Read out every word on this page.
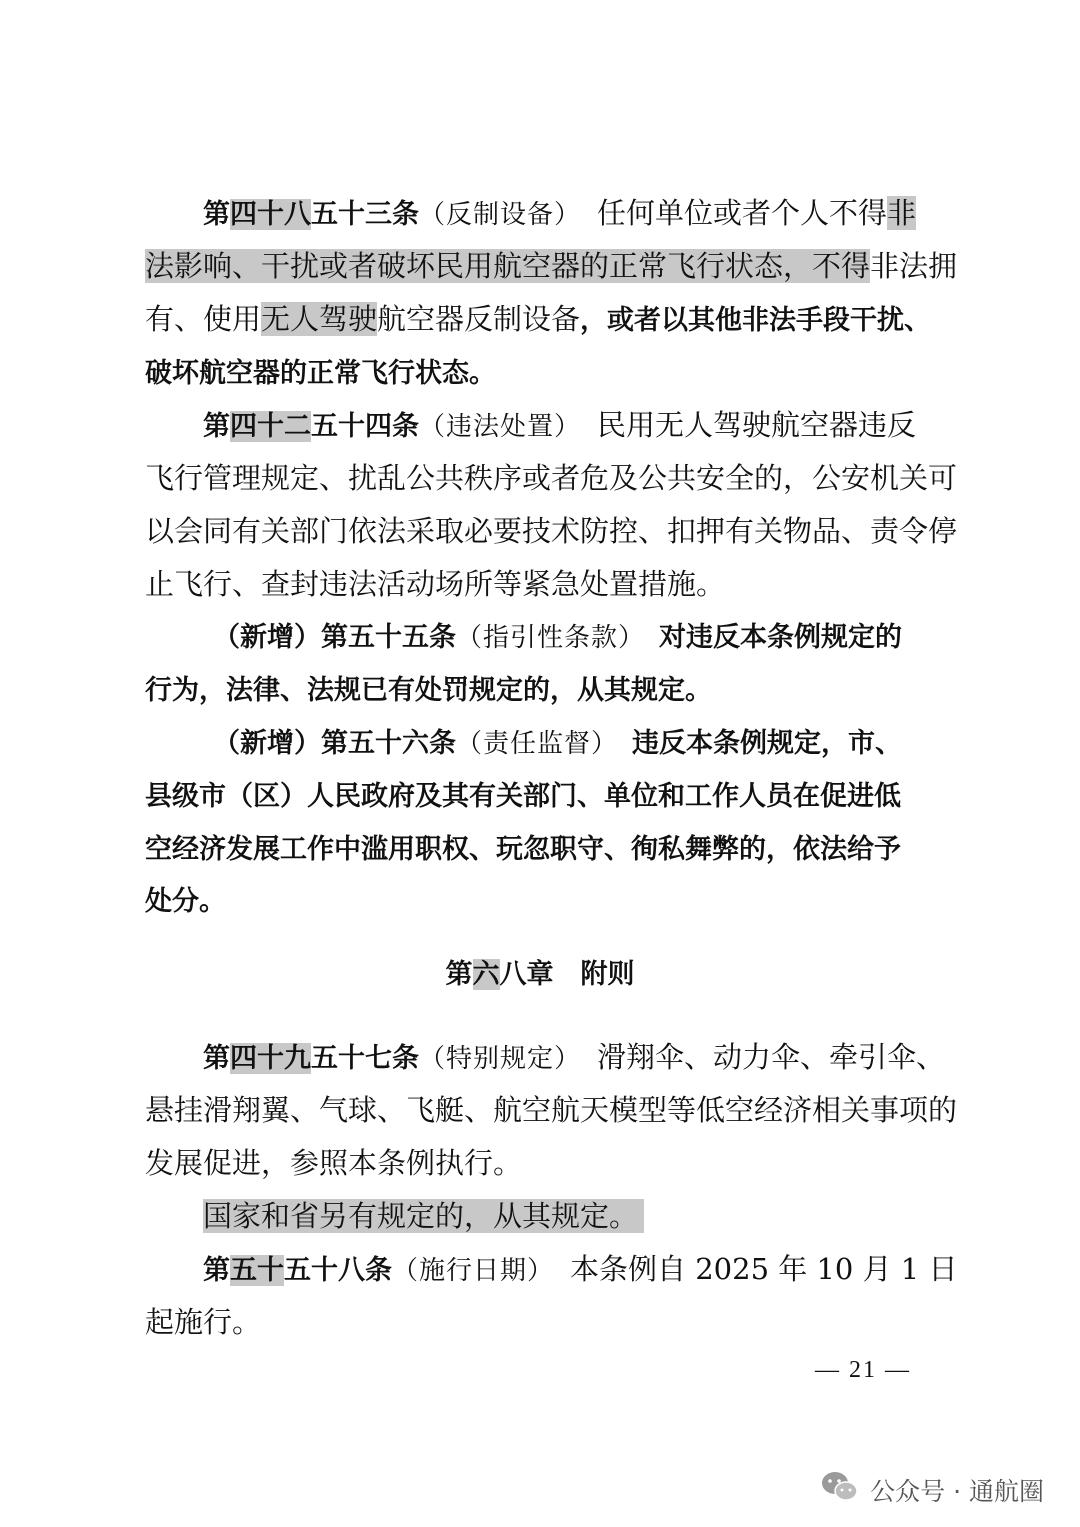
第四十八五十三条（反制设备）　任何单位或者个人不得非
法影响、干扰或者破坏民用航空器的正常飞行状态，不得非法拥
有、使用无人驾驶航空器反制设备，或者以其他非法手段干扰、
破坏航空器的正常飞行状态。
第四十二五十四条（违法处置）　民用无人驾驶航空器违反
飞行管理规定、扰乱公共秩序或者危及公共安全的，公安机关可
以会同有关部门依法采取必要技术防控、扣押有关物品、责令停
止飞行、查封违法活动场所等紧急处置措施。
（新增）第五十五条（指引性条款）　对违反本条例规定的
行为，法律、法规已有处罚规定的，从其规定。
（新增）第五十六条（责任监督）　违反本条例规定，市、
县级市（区）人民政府及其有关部门、单位和工作人员在促进低
空经济发展工作中滥用职权、玩忽职守、徇私舞弊的，依法给予
处分。
第六八章　附则
第四十九五十七条（特别规定）　滑翔伞、动力伞、牵引伞、
悬挂滑翔翼、气球、飞艇、航空航天模型等低空经济相关事项的
发展促进，参照本条例执行。
国家和省另有规定的，从其规定。
第五十五十八条（施行日期）　本条例自 2025 年 10 月 1 日
起施行。
— 21 —
公众号 · 通航圈
